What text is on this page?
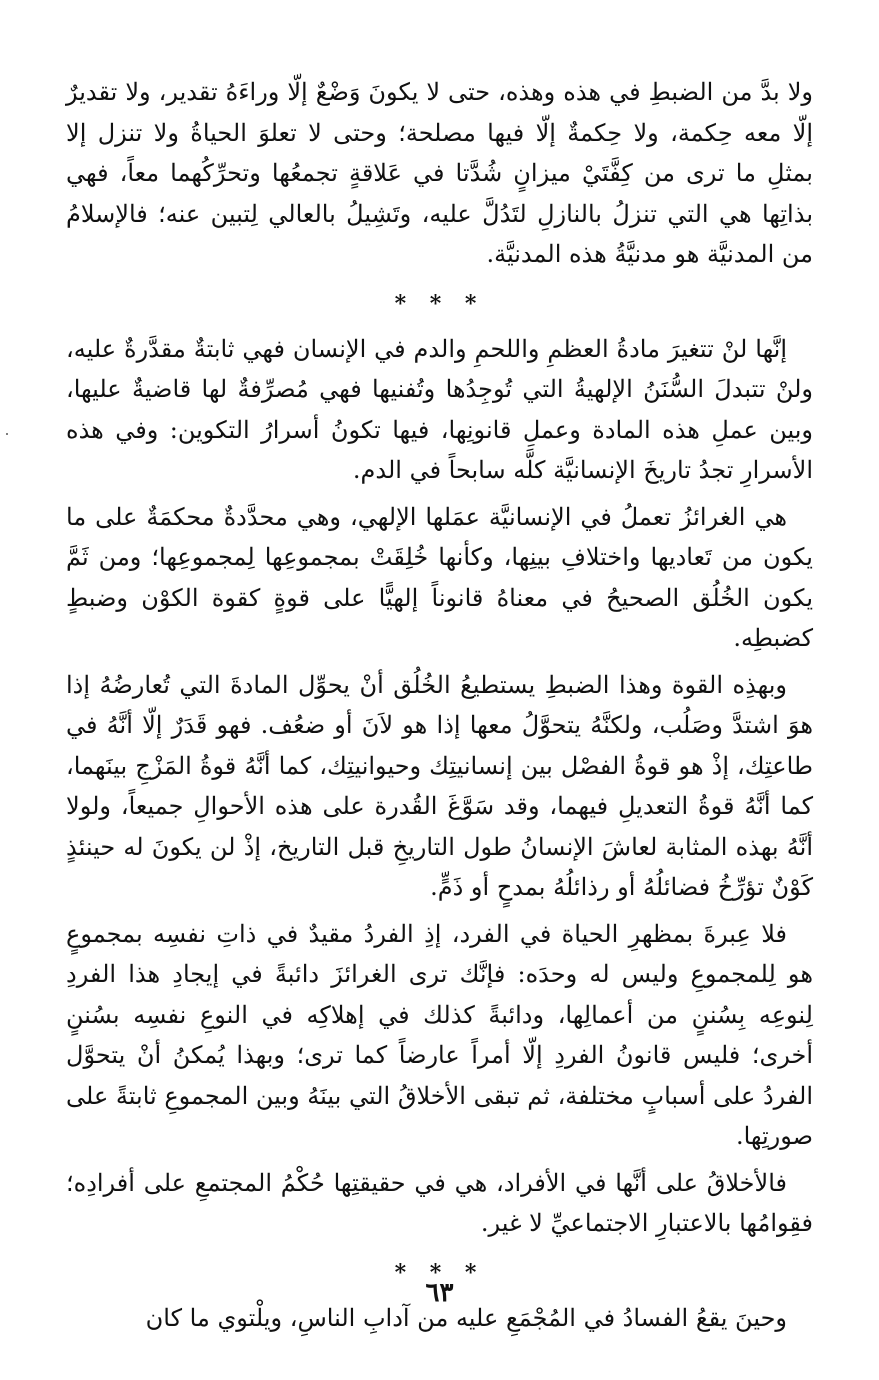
ولا بدَّ من الضبطِ في هذه وهذه، حتى لا يكونَ وَضْعٌ إلّا وراءَهُ تقدير، ولا تقديرٌ إلّا معه حِكمة، ولا حِكمةٌ إلّا فيها مصلحة؛ وحتى لا تعلوَ الحياةُ ولا تنزل إلا بمثلِ ما ترى من كِفَّتَيْ ميزانٍ شُدَّتا في عَلاقةٍ تجمعُها وتحرِّكُهما معاً، فهي بذاتِها هي التي تنزلُ بالنازلِ لتَدُلَّ عليه، وتَشِيلُ بالعالي لِتبين عنه؛ فالإسلامُ من المدنيَّة هو مدنيَّةُ هذه المدنيَّة.

* * *

إنَّها لنْ تتغيرَ مادةُ العظمِ واللحمِ والدم في الإنسان فهي ثابتةٌ مقدَّرةٌ عليه، ولنْ تتبدلَ السُّنَنُ الإلهيةُ التي تُوجِدُها وتُفنيها فهي مُصرِّفةٌ لها قاضيةٌ عليها، وبين عملِ هذه المادة وعملِ قانونِها، فيها تكونُ أسرارُ التكوين: وفي هذه الأسرارِ تجدُ تاريخَ الإنسانيَّة كلَّه سابحاً في الدم.

هي الغرائزُ تعملُ في الإنسانيَّة عمَلها الإلهي، وهي محدَّدةٌ محكمَةٌ على ما يكون من تَعاديها واختلافِ بينِها، وكأنها خُلِقَتْ بمجموعِها لِمجموعِها؛ ومن ثَمَّ يكون الخُلُق الصحيحُ في معناهُ قانوناً إلهيًّا على قوةٍ كقوة الكوْن وضبطٍ كضبطِه.

وبهذِه القوة وهذا الضبطِ يستطيعُ الخُلُق أنْ يحوِّل المادةَ التي تُعارضُهُ إذا هوَ اشتدَّ وصَلُب، ولكنَّهُ يتحوَّلُ معها إذا هو لاَنَ أو ضعُف. فهو قَدَرٌ إلّا أنَّهُ في طاعتِك، إذْ هو قوةُ الفصْل بين إنسانيتِك وحيوانيتِك، كما أنَّهُ قوةُ المَزْجِ بينَهما، كما أنَّهُ قوةُ التعديلِ فيهما، وقد سَوَّغَ القُدرة على هذه الأحوالِ جميعاً، ولولا أنَّهُ بهذه المثابة لعاشَ الإنسانُ طول التاريخِ قبل التاريخ، إذْ لن يكونَ له حينئذٍ كَوْنٌ تؤرِّخُ فضائلُهُ أو رذائلُهُ بمدحٍ أو ذَمٍّ.

فلا عِبرةَ بمظهرِ الحياة في الفرد، إذِ الفردُ مقيدٌ في ذاتِ نفسِه بمجموعٍ هو لِلمجموعِ وليس له وحدَه: فإنَّك ترى الغرائزَ دائبةً في إيجادِ هذا الفردِ لِنوعِه بِسُننٍ من أعمالِها، ودائبةً كذلك في إهلاكِه في النوعِ نفسِه بسُننٍ أخرى؛ فليس قانونُ الفردِ إلّا أمراً عارضاً كما ترى؛ وبهذا يُمكنُ أنْ يتحوَّل الفردُ على أسبابٍ مختلفة، ثم تبقى الأخلاقُ التي بينَهُ وبين المجموعِ ثابتةً على صورتِها.

فالأخلاقُ على أنَّها في الأفراد، هي في حقيقتِها حُكْمُ المجتمعِ على أفرادِه؛ فقِوامُها بالاعتبارِ الاجتماعيِّ لا غير.

* * *

وحينَ يقعُ الفسادُ في المُجْمَعِ عليه من آدابِ الناسِ، ويلْتوي ما كان

٦٣
